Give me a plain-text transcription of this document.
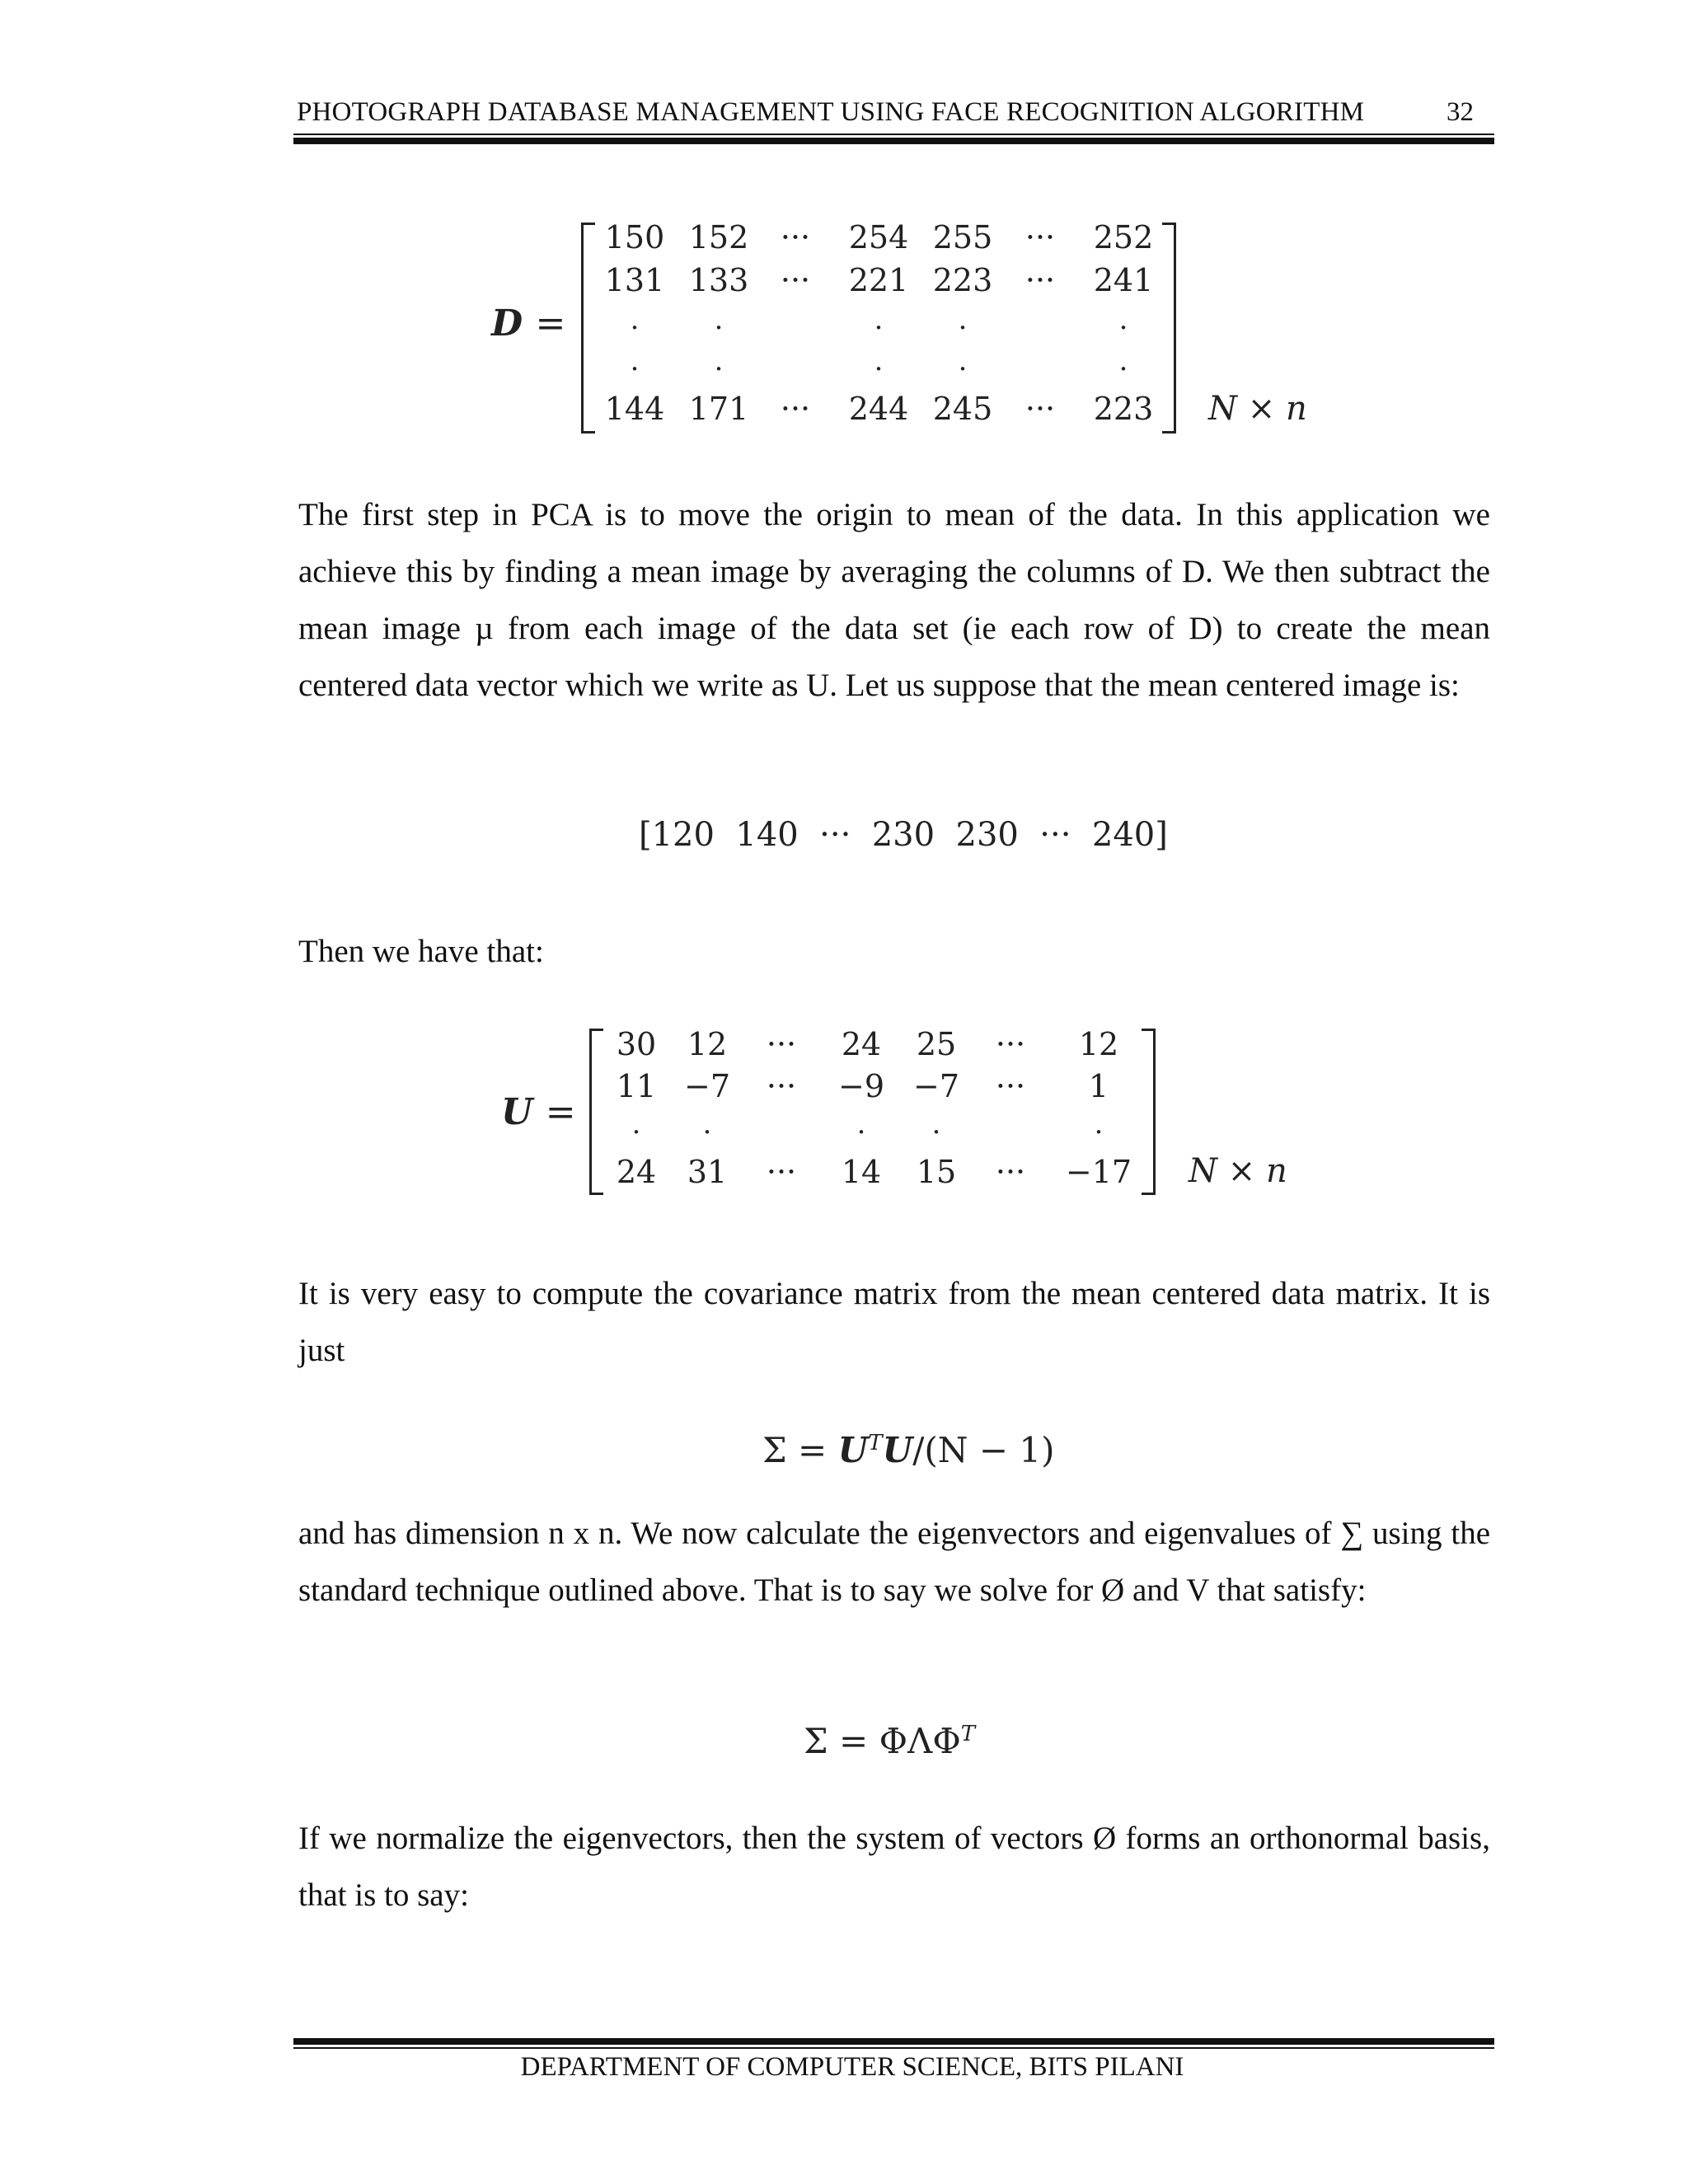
PHOTOGRAPH DATABASE MANAGEMENT USING FACE RECOGNITION ALGORITHM	32
D =
150 152	···	254 255	···	252
131 133	···	221 223	···	241
·	·	·	·	·
·	·	·	·	·
144 171	···	244 245	···	223	N × n

The first step in PCA is to move the origin to mean of the data. In this application we achieve this by finding a mean image by averaging the columns of D. We then subtract the mean image µ from each image of the data set (ie each row of D) to create the mean centered data vector which we write as U. Let us suppose that the mean centered image is:

[120  140  ···  230  230  ···  240]

Then we have that:

U =
30 12	···	24	25	···	12
11 −7	···	−9 −7	···	1
·	·	·	·	·
24 31	···	14	15	···	−17 N × n

It is very easy to compute the covariance matrix from the mean centered data matrix. It is just

$\Sigma = U^TU/(N - 1)$

and has dimension n x n. We now calculate the eigenvectors and eigenvalues of ∑ using the standard technique outlined above. That is to say we solve for Ø and V that satisfy:

$\Sigma = \Phi\Lambda\Phi^T$

If we normalize the eigenvectors, then the system of vectors Ø forms an orthonormal basis, that is to say:

DEPARTMENT OF COMPUTER SCIENCE, BITS PILANI
